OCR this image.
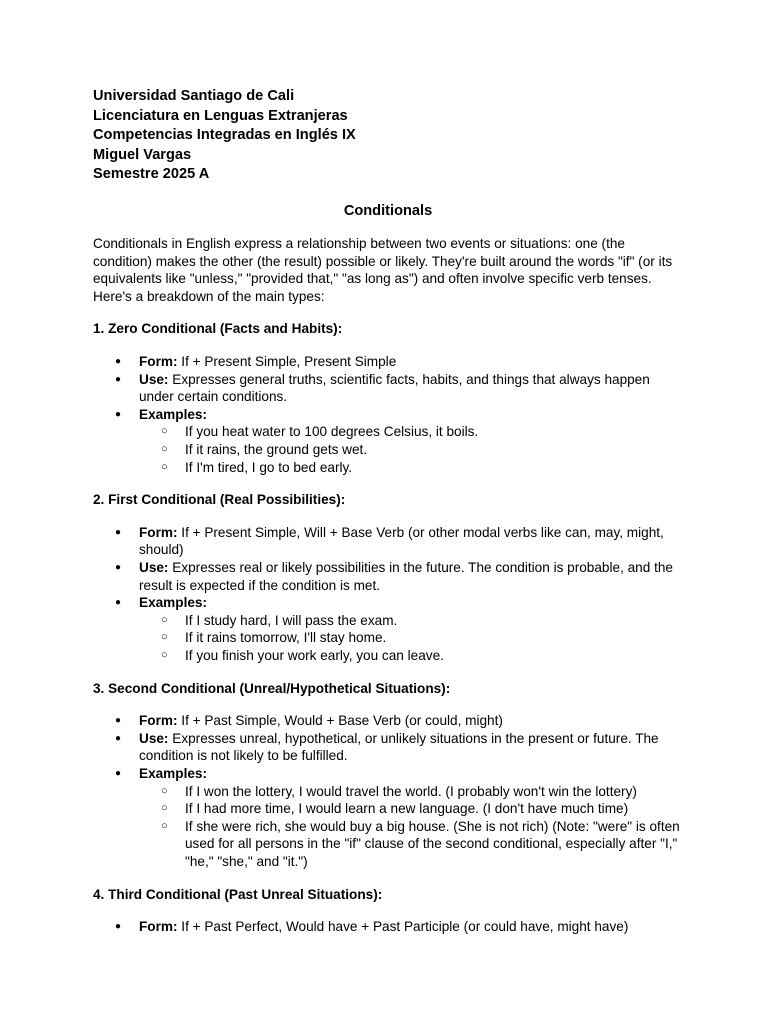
Universidad Santiago de Cali
Licenciatura en Lenguas Extranjeras
Competencias Integradas en Inglés IX
Miguel Vargas
Semestre 2025 A
Conditionals

Conditionals in English express a relationship between two events or situations: one (the condition) makes the other (the result) possible or likely. They're built around the words "if" (or its equivalents like "unless," "provided that," "as long as") and often involve specific verb tenses. Here's a breakdown of the main types:

1. Zero Conditional (Facts and Habits):
● Form: If + Present Simple, Present Simple
● Use: Expresses general truths, scientific facts, habits, and things that always happen under certain conditions.
● Examples:
○ If you heat water to 100 degrees Celsius, it boils.
○ If it rains, the ground gets wet.
○ If I'm tired, I go to bed early.
2. First Conditional (Real Possibilities):
● Form: If + Present Simple, Will + Base Verb (or other modal verbs like can, may, might, should)
● Use: Expresses real or likely possibilities in the future. The condition is probable, and the result is expected if the condition is met.
● Examples:
○ If I study hard, I will pass the exam.
○ If it rains tomorrow, I'll stay home.
○ If you finish your work early, you can leave.
3. Second Conditional (Unreal/Hypothetical Situations):
● Form: If + Past Simple, Would + Base Verb (or could, might)
● Use: Expresses unreal, hypothetical, or unlikely situations in the present or future. The condition is not likely to be fulfilled.
● Examples:
○ If I won the lottery, I would travel the world. (I probably won't win the lottery)
○ If I had more time, I would learn a new language. (I don't have much time)
○ If she were rich, she would buy a big house. (She is not rich) (Note: "were" is often used for all persons in the "if" clause of the second conditional, especially after "I," "he," "she," and "it.")
4. Third Conditional (Past Unreal Situations):
● Form: If + Past Perfect, Would have + Past Participle (or could have, might have)
